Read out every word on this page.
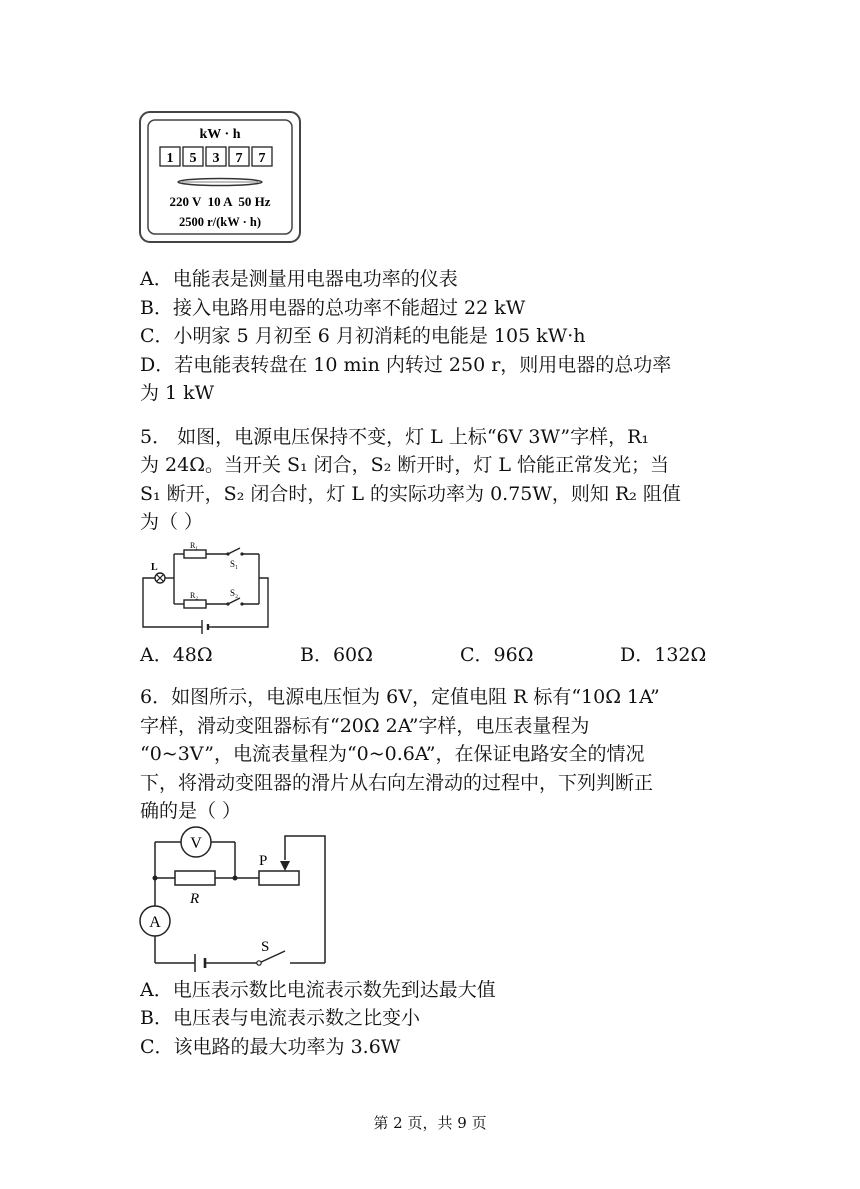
kW · h
1 5 3 7 7
220 V  10 A  50 Hz
2500 r/(kW · h)
A．电能表是测量用电器电功率的仪表
B．接入电路用电器的总功率不能超过 22 kW
C．小明家 5 月初至 6 月初消耗的电能是 105 kW·h
D．若电能表转盘在 10 min 内转过 250 r，则用电器的总功率
为 1 kW
5． 如图，电源电压保持不变，灯 L 上标“6V 3W”字样，R₁
为 24Ω。当开关 S₁ 闭合，S₂ 断开时，灯 L 恰能正常发光；当
S₁ 断开，S₂ 闭合时，灯 L 的实际功率为 0.75W，则知 R₂ 阻值
为（ ）
L
R₁
S₁
R₂	S₂
A．48Ω	B．60Ω	C．96Ω	D．132Ω
6．如图所示，电源电压恒为 6V，定值电阻 R 标有“10Ω 1A”
字样，滑动变阻器标有“20Ω 2A”字样，电压表量程为
“0~3V”，电流表量程为“0~0.6A”，在保证电路安全的情况
下，将滑动变阻器的滑片从右向左滑动的过程中，下列判断正
确的是（ ）
V
A
R
P
S
A．电压表示数比电流表示数先到达最大值
B．电压表与电流表示数之比变小
C．该电路的最大功率为 3.6W
第 2 页，共 9 页
